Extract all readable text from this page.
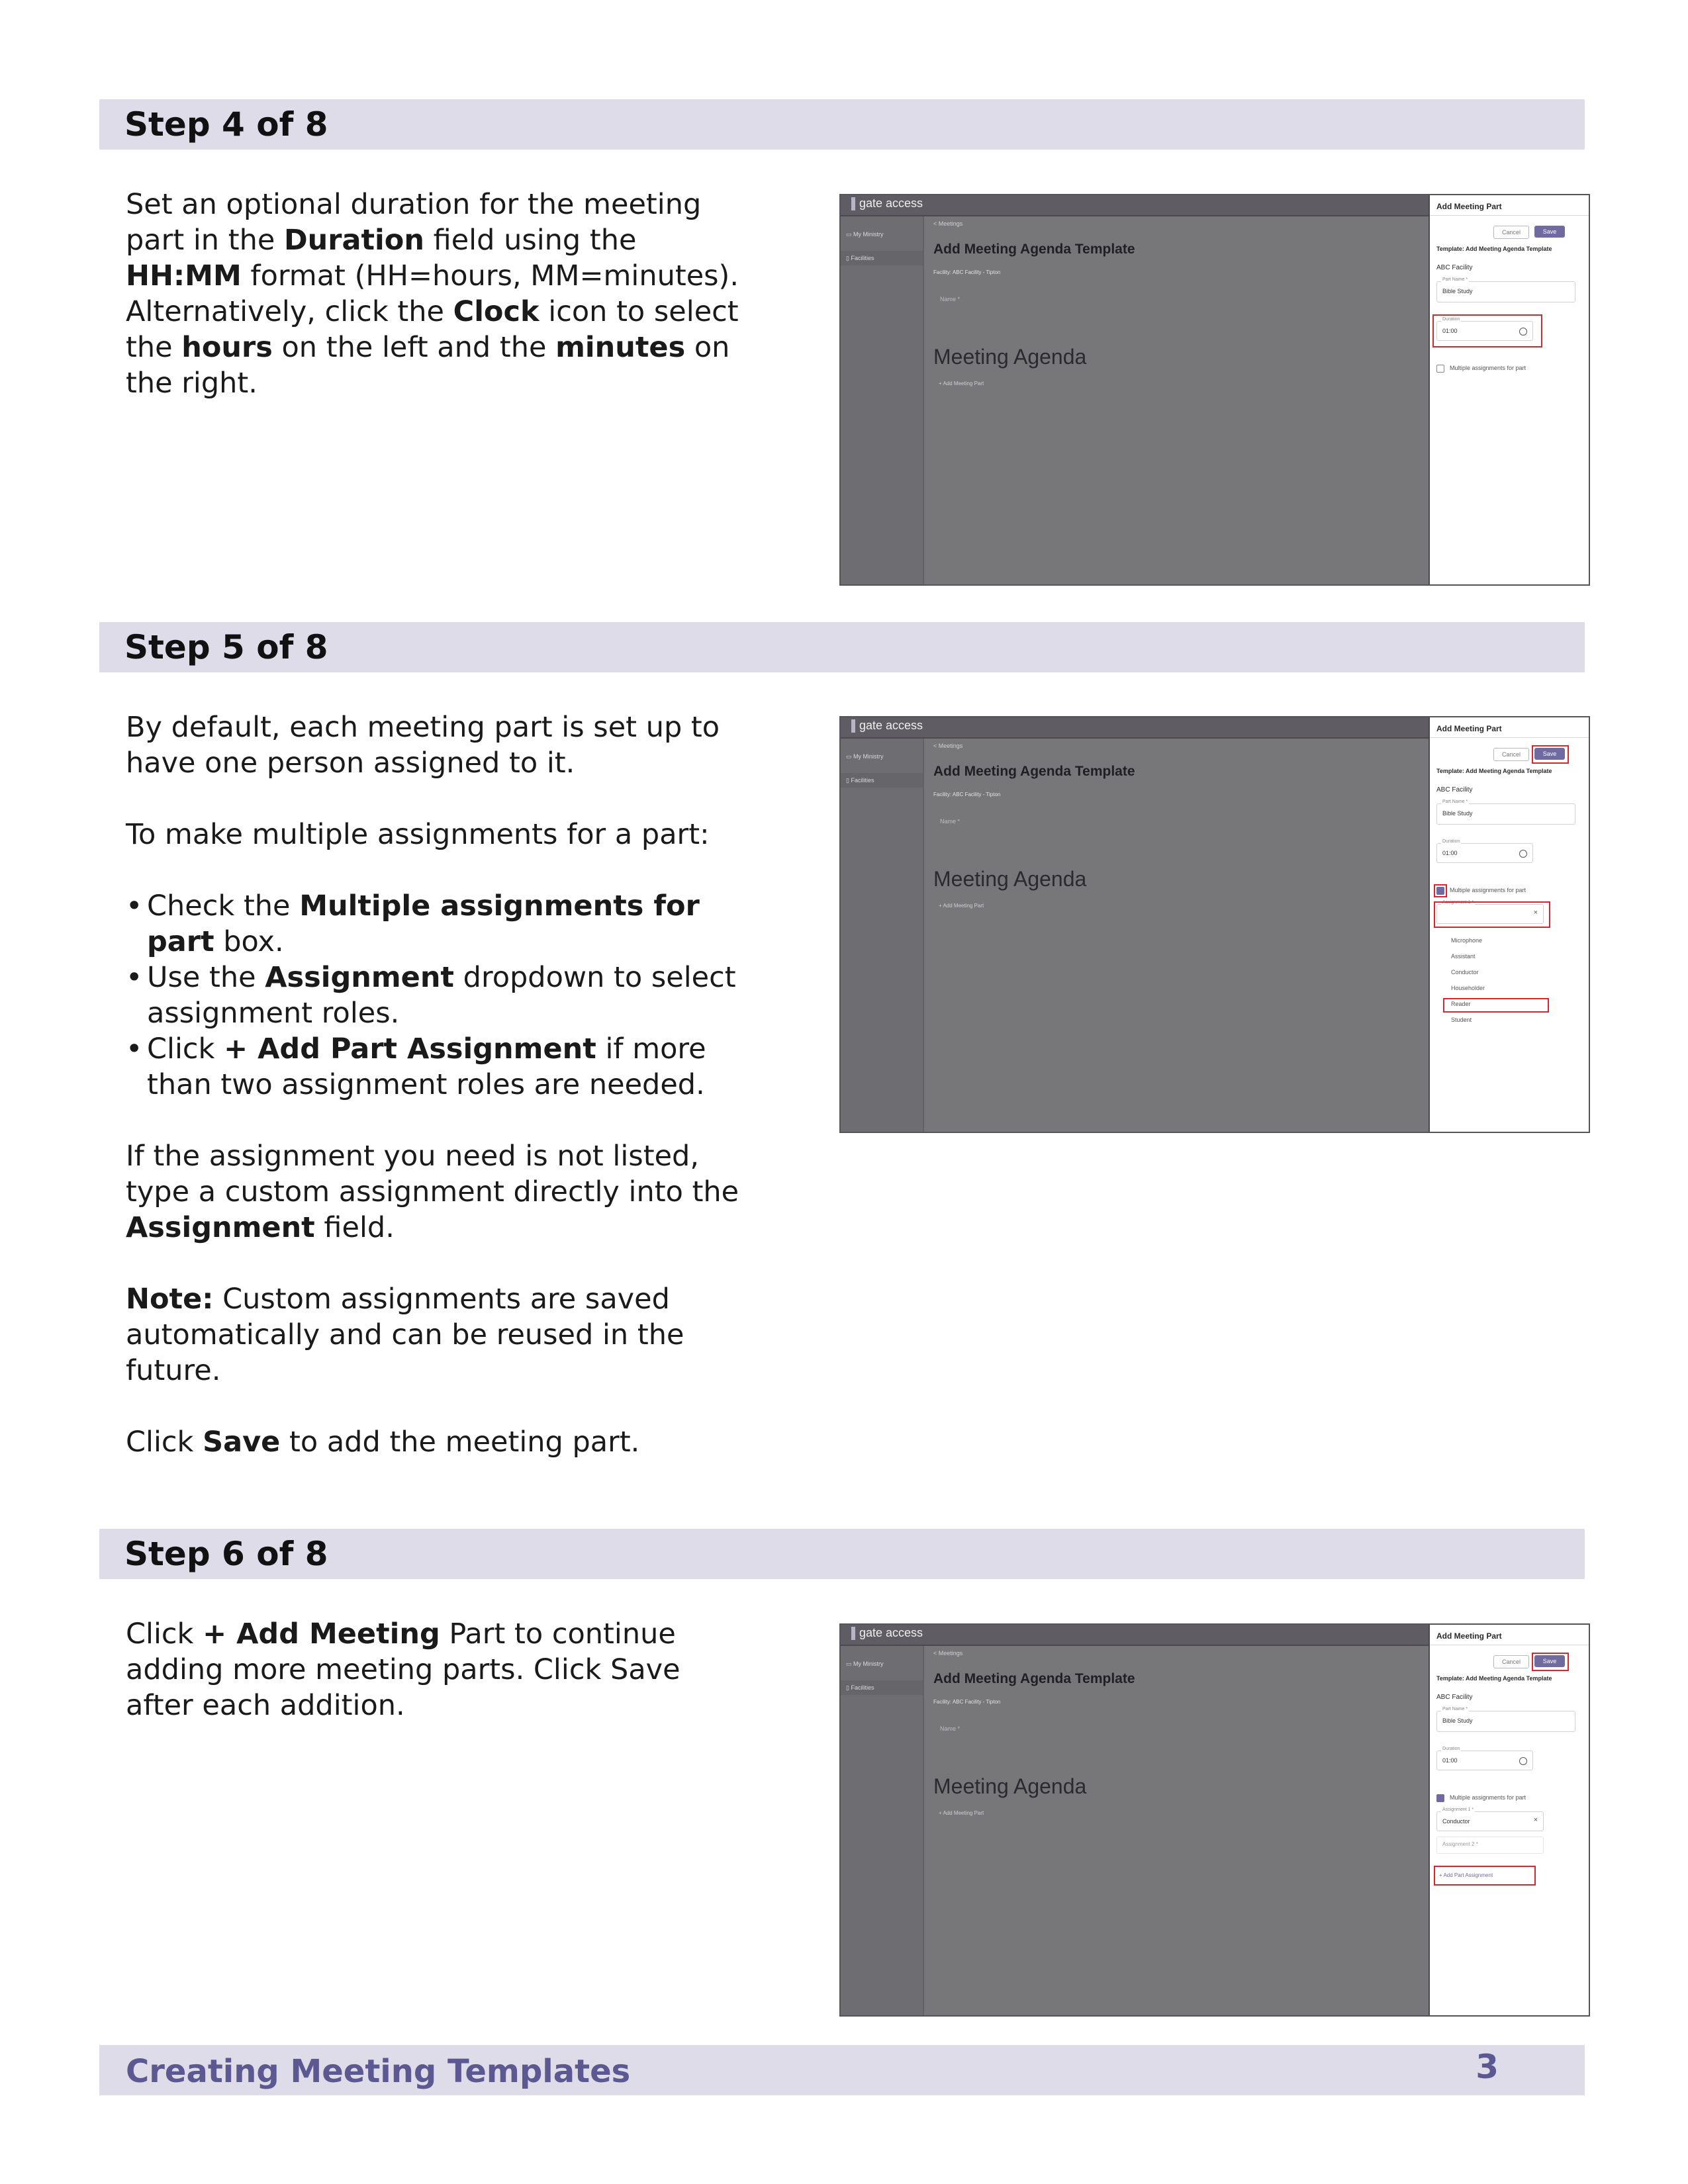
Step 4 of 8

Set an optional duration for the meeting part in the Duration field using the HH:MM format (HH=hours, MM=minutes). Alternatively, click the Clock icon to select the hours on the left and the minutes on the right.

gate access
▭ My Ministry
▯ Facilities
< Meetings
Add Meeting Agenda Template
Facility: ABC Facility - Tipton
Name *
Meeting Agenda
+ Add Meeting Part
Add Meeting Part
Cancel	Save
Template: Add Meeting Agenda Template
ABC Facility
Part Name *
Bible Study
Duration
01:00
Multiple assignments for part
Step 5 of 8

By default, each meeting part is set up to have one person assigned to it.

To make multiple assignments for a part:

• Check the Multiple assignments for part box.
• Use the Assignment dropdown to select assignment roles.
• Click + Add Part Assignment if more than two assignment roles are needed.

If the assignment you need is not listed, type a custom assignment directly into the Assignment field.

Note: Custom assignments are saved automatically and can be reused in the future.

Click Save to add the meeting part.

gate access
▭ My Ministry
▯ Facilities
< Meetings
Add Meeting Agenda Template
Facility: ABC Facility - Tipton
Name *
Meeting Agenda
+ Add Meeting Part
Add Meeting Part
Cancel	Save
Template: Add Meeting Agenda Template
ABC Facility
Part Name *
Bible Study
Duration
01:00
Multiple assignments for part
Assignment 1 *
×
Microphone
Assistant
Conductor
Householder
Reader
Student
Step 6 of 8

Click + Add Meeting Part to continue adding more meeting parts. Click Save after each addition.

gate access
▭ My Ministry
▯ Facilities
< Meetings
Add Meeting Agenda Template
Facility: ABC Facility - Tipton
Name *
Meeting Agenda
+ Add Meeting Part
Add Meeting Part
Cancel	Save
Template: Add Meeting Agenda Template
ABC Facility
Part Name *
Bible Study
Duration
01:00
Multiple assignments for part
Assignment 1 *
Conductor	×
Assignment 2 *
+ Add Part Assignment
Creating Meeting Templates	3
